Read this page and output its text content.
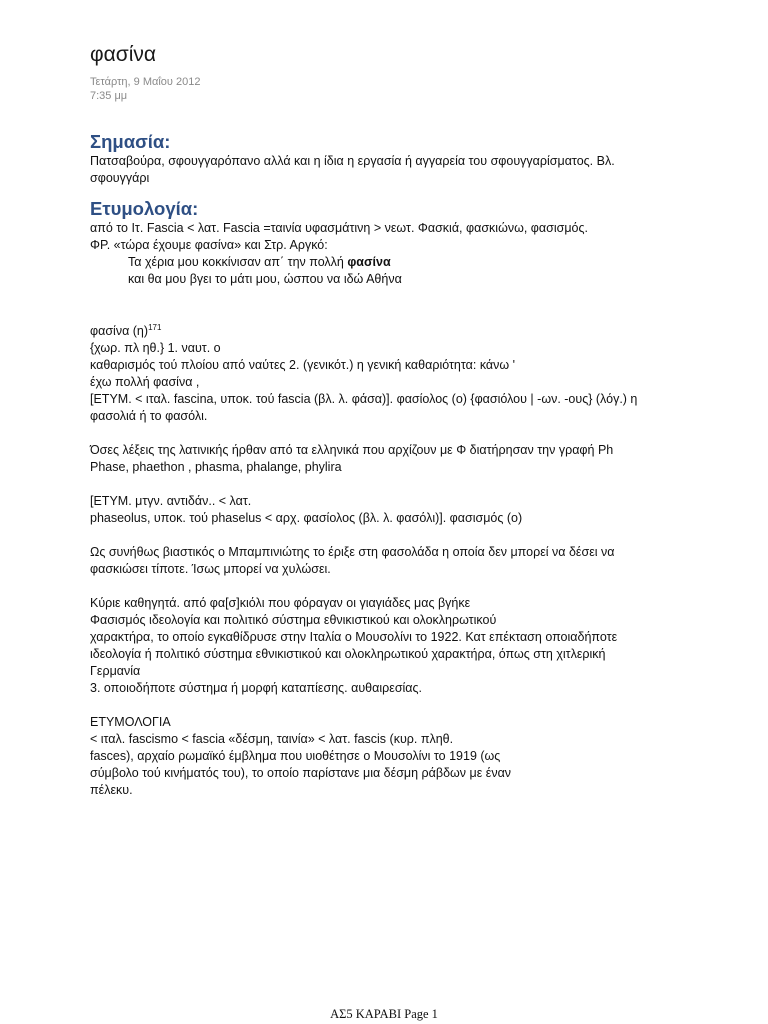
φασίνα
Τετάρτη, 9 Μαΐου 2012
7:35 μμ
Σημασία:

Πατσαβούρα, σφουγγαρόπανο αλλά και η ίδια η εργασία ή αγγαρεία του σφουγγαρίσματος. Βλ.

σφουγγάρι

Ετυμολογία:

από το Ιτ. Fascia < λατ. Fascia =ταινία υφασμάτινη > νεωτ. Φασκιά, φασκιώνω, φασισμός.

ΦΡ. «τώρα έχουμε φασίνα» και Στρ. Αργκό:

Τα χέρια μου κοκκίνισαν απ΄ την πολλή φασίνα

και θα μου βγει το μάτι μου, ώσπου να ιδώ Αθήνα

φασίνα $(\eta)^{171}$

{χωρ. πλ ηθ.} 1. ναυτ. ο

καθαρισμός τού πλοίου από ναύτες 2. (γενικότ.) η γενική καθαριότητα: κάνω '

έχω πολλή φασίνα ,

[ΕΤΥΜ. < ιταλ. fascina, υποκ. τού fascia (βλ. λ. φάσα)]. φασίολος (ο) {φασιόλου | -ων. -ους} (λόγ.) η

φασολιά ή το φασόλι.

Όσες λέξεις της λατινικής ήρθαν από τα ελληνικά που αρχίζουν με Φ διατήρησαν την γραφή Ph

Phase, phaethon , phasma, phalange, phylira

[ΕΤΥΜ. μτγν. αντιδάν.. < λατ.

phaseolus, υποκ. τού phaselus < αρχ. φασίολος (βλ. λ. φασόλι)]. φασισμός (ο)

Ως συνήθως βιαστικός ο Μπαμπινιώτης το έριξε στη φασολάδα η οποία δεν μπορεί να δέσει να

φασκιώσει τίποτε. Ίσως μπορεί να χυλώσει.

Κύριε καθηγητά. από φα[σ]κιόλι που φόραγαν οι γιαγιάδες μας βγήκε

Φασισμός ιδεολογία και πολιτικό σύστημα εθνικιστικού και ολοκληρωτικού

χαρακτήρα, το οποίο εγκαθίδρυσε στην Ιταλία ο Μουσολίνι το 1922. Κατ επέκταση οποιαδήποτε

ιδεολογία ή πολιτικό σύστημα εθνικιστικού και ολοκληρωτικού χαρακτήρα, όπως στη χιτλερική

Γερμανία

3. οποιοδήποτε σύστημα ή μορφή καταπίεσης. αυθαιρεσίας.

ΕΤΥΜΟΛΟΓΙΑ

< ιταλ. fascismo < fascia «δέσμη, ταινία» < λατ. fascis (κυρ. πληθ.

fasces), αρχαίο ρωμαϊκό έμβλημα που υιοθέτησε ο Μουσολίνι το 1919 (ως

σύμβολο τού κινήματός του), το οποίο παρίστανε μια δέσμη ράβδων με έναν

πέλεκυ.

ΑΣ5 ΚΑΡΑΒΙ Page 1
